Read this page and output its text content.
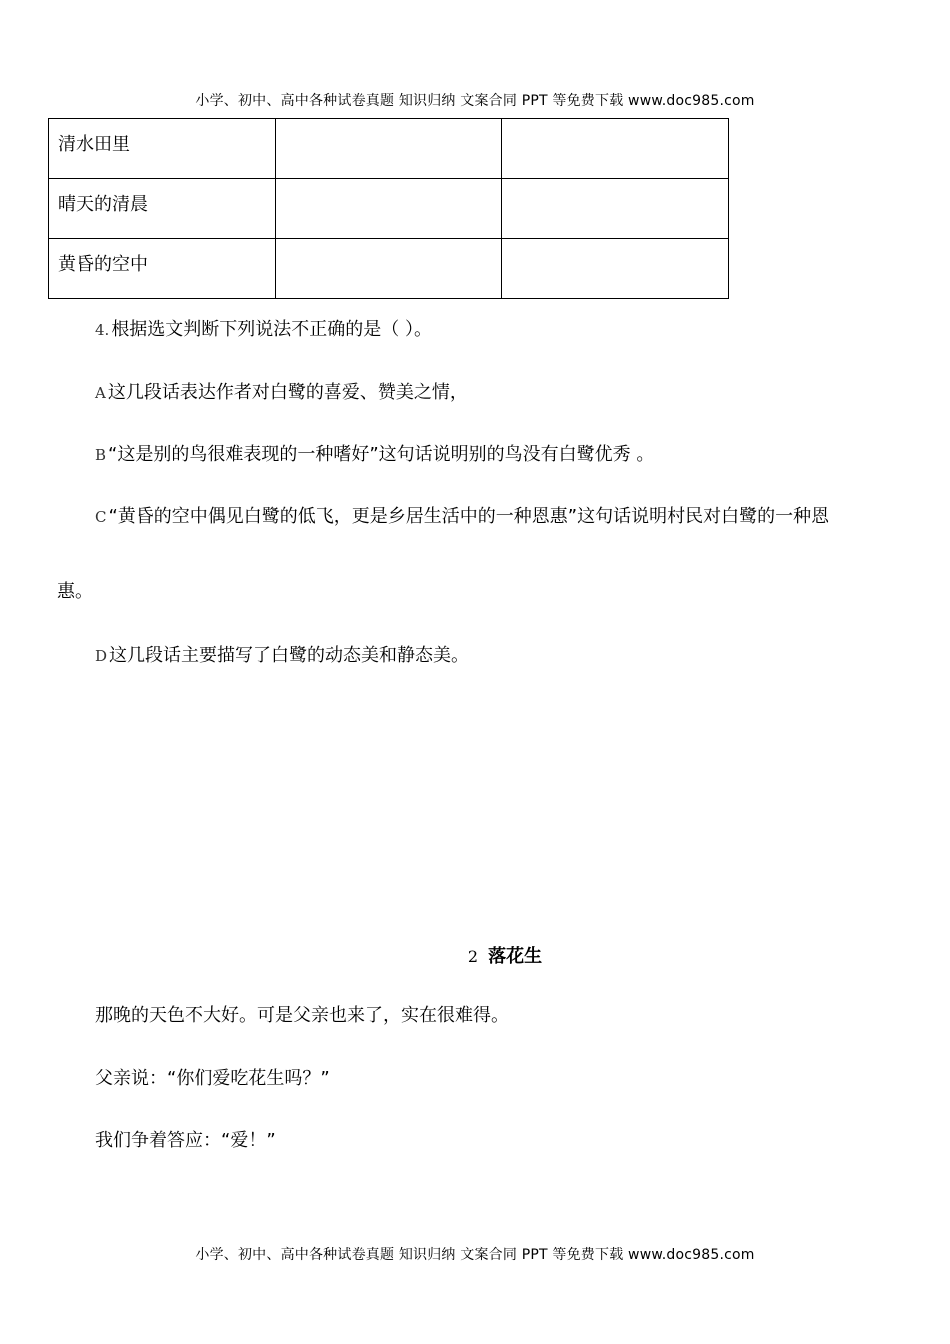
小学、初中、高中各种试卷真题 知识归纳 文案合同 PPT 等免费下载 www.doc985.com
清水田里		
晴天的清晨		
黄昏的空中		
4. 根据选文判断下列说法不正确的是（ ）。
A 这几段话表达作者对白鹭的喜爱、赞美之情，
B “这是别的鸟很难表现的一种嗜好”这句话说明别的鸟没有白鹭优秀 。
C “黄昏的空中偶见白鹭的低飞，更是乡居生活中的一种恩惠”这句话说明村民对白鹭的一种恩
惠。
D 这几段话主要描写了白鹭的动态美和静态美。
2 落花生
那晚的天色不大好。可是父亲也来了，实在很难得。
父亲说：“你们爱吃花生吗？”
我们争着答应：“爱！”
小学、初中、高中各种试卷真题 知识归纳 文案合同 PPT 等免费下载 www.doc985.com
